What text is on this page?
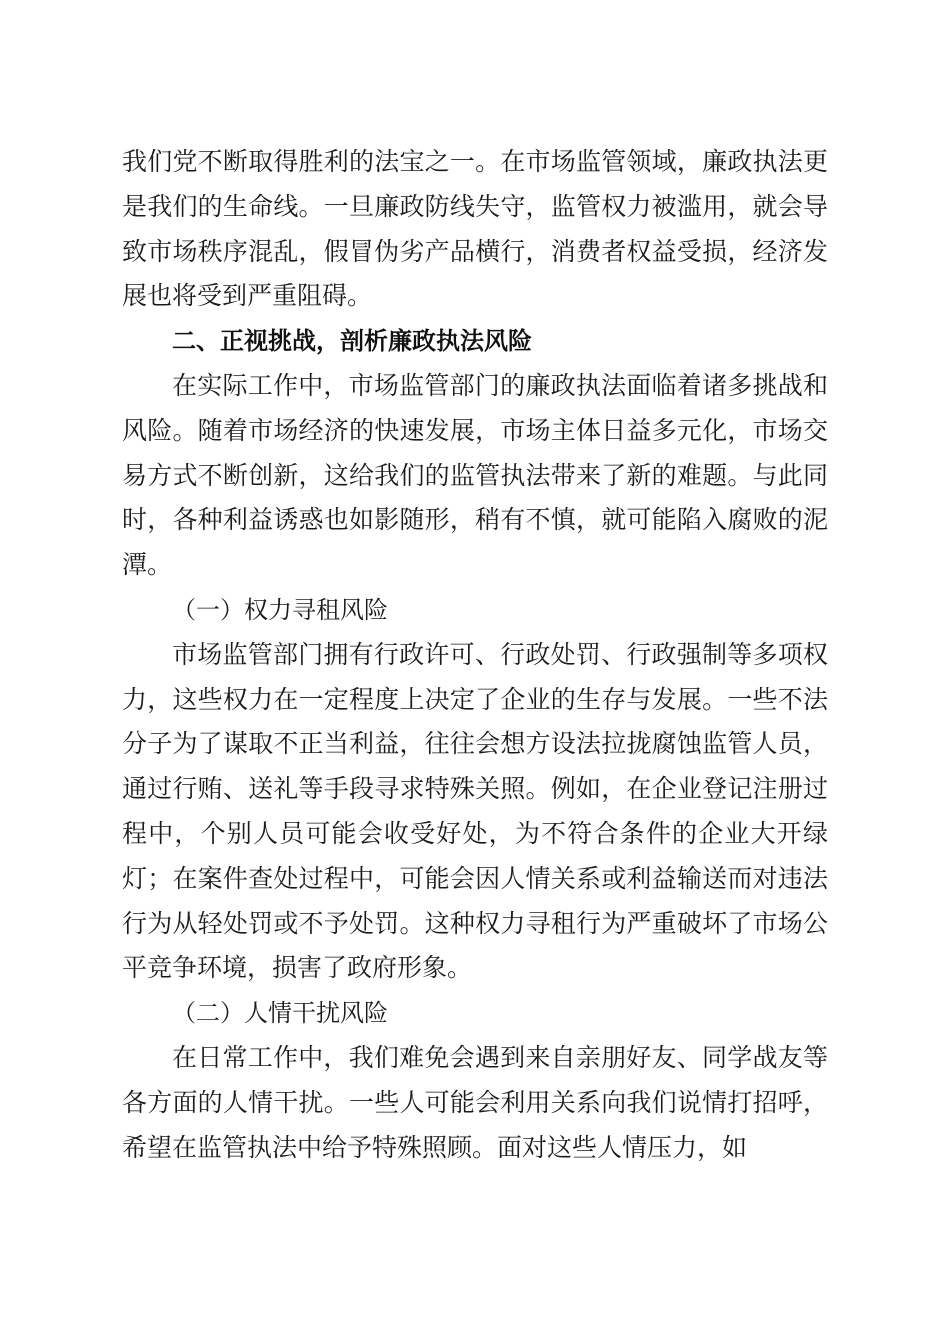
我们党不断取得胜利的法宝之一。在市场监管领域，廉政执法更是我们的生命线。一旦廉政防线失守，监管权力被滥用，就会导致市场秩序混乱，假冒伪劣产品横行，消费者权益受损，经济发展也将受到严重阻碍。

二、正视挑战，剖析廉政执法风险

在实际工作中，市场监管部门的廉政执法面临着诸多挑战和风险。随着市场经济的快速发展，市场主体日益多元化，市场交易方式不断创新，这给我们的监管执法带来了新的难题。与此同时，各种利益诱惑也如影随形，稍有不慎，就可能陷入腐败的泥潭。

（一）权力寻租风险

市场监管部门拥有行政许可、行政处罚、行政强制等多项权力，这些权力在一定程度上决定了企业的生存与发展。一些不法分子为了谋取不正当利益，往往会想方设法拉拢腐蚀监管人员，通过行贿、送礼等手段寻求特殊关照。例如，在企业登记注册过程中，个别人员可能会收受好处，为不符合条件的企业大开绿灯；在案件查处过程中，可能会因人情关系或利益输送而对违法行为从轻处罚或不予处罚。这种权力寻租行为严重破坏了市场公平竞争环境，损害了政府形象。

（二）人情干扰风险

在日常工作中，我们难免会遇到来自亲朋好友、同学战友等各方面的人情干扰。一些人可能会利用关系向我们说情打招呼，希望在监管执法中给予特殊照顾。面对这些人情压力，如
